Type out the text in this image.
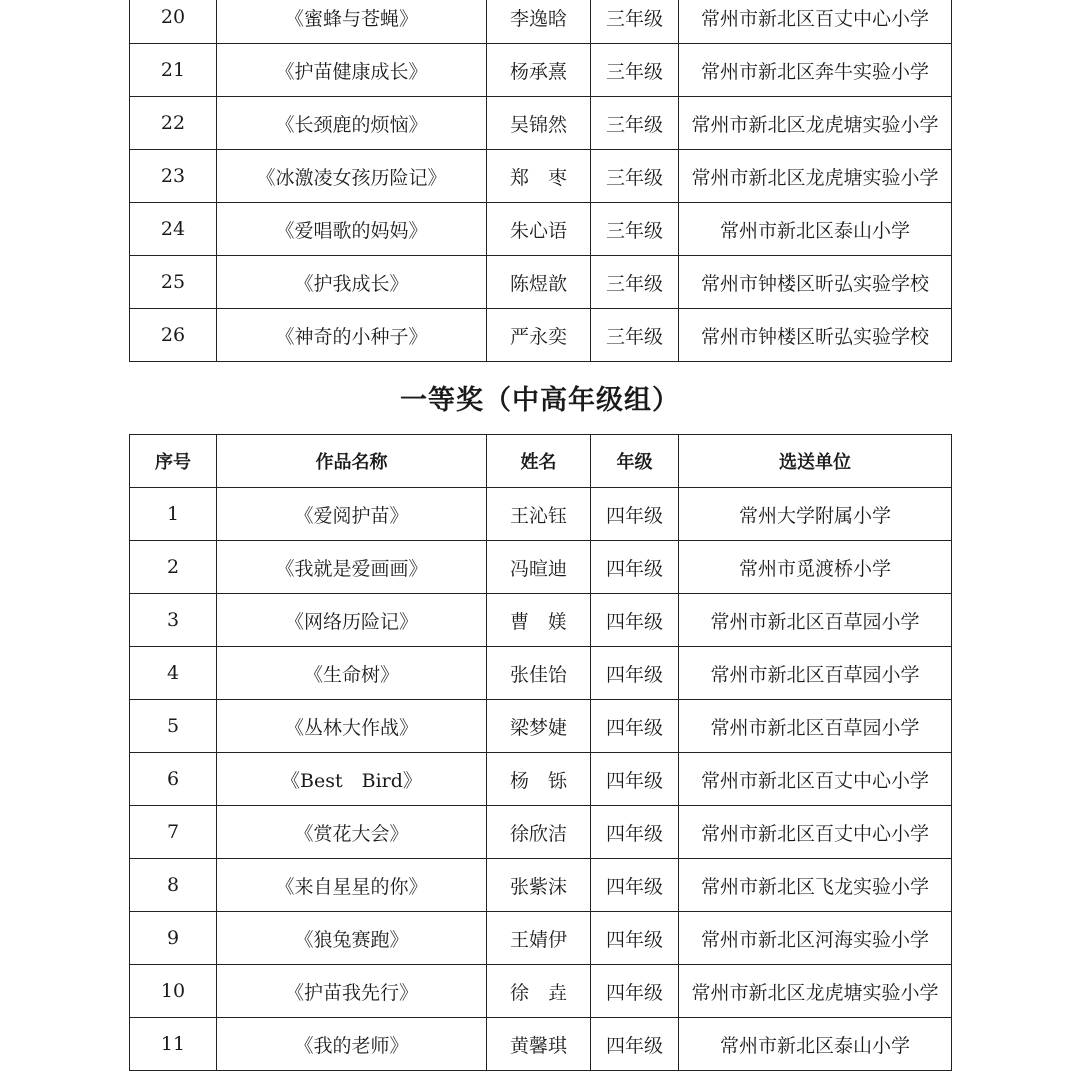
20	《蜜蜂与苍蝇》	李逸晗	三年级	常州市新北区百丈中心小学
21	《护苗健康成长》	杨承熹	三年级	常州市新北区奔牛实验小学
22	《长颈鹿的烦恼》	吴锦然	三年级	常州市新北区龙虎塘实验小学
23	《冰激凌女孩历险记》	郑　枣	三年级	常州市新北区龙虎塘实验小学
24	《爱唱歌的妈妈》	朱心语	三年级	常州市新北区泰山小学
25	《护我成长》	陈煜歆	三年级	常州市钟楼区昕弘实验学校
26	《神奇的小种子》	严永奕	三年级	常州市钟楼区昕弘实验学校
一等奖（中高年级组）
序号	作品名称	姓名	年级	选送单位
1	《爱阅护苗》	王沁钰	四年级	常州大学附属小学
2	《我就是爱画画》	冯暄迪	四年级	常州市觅渡桥小学
3	《网络历险记》	曹　媄	四年级	常州市新北区百草园小学
4	《生命树》	张佳饴	四年级	常州市新北区百草园小学
5	《丛林大作战》	梁梦婕	四年级	常州市新北区百草园小学
6	《Best　Bird》	杨　铄	四年级	常州市新北区百丈中心小学
7	《赏花大会》	徐欣洁	四年级	常州市新北区百丈中心小学
8	《来自星星的你》	张紫沫	四年级	常州市新北区飞龙实验小学
9	《狼兔赛跑》	王婧伊	四年级	常州市新北区河海实验小学
10	《护苗我先行》	徐　垚	四年级	常州市新北区龙虎塘实验小学
11	《我的老师》	黄馨琪	四年级	常州市新北区泰山小学
